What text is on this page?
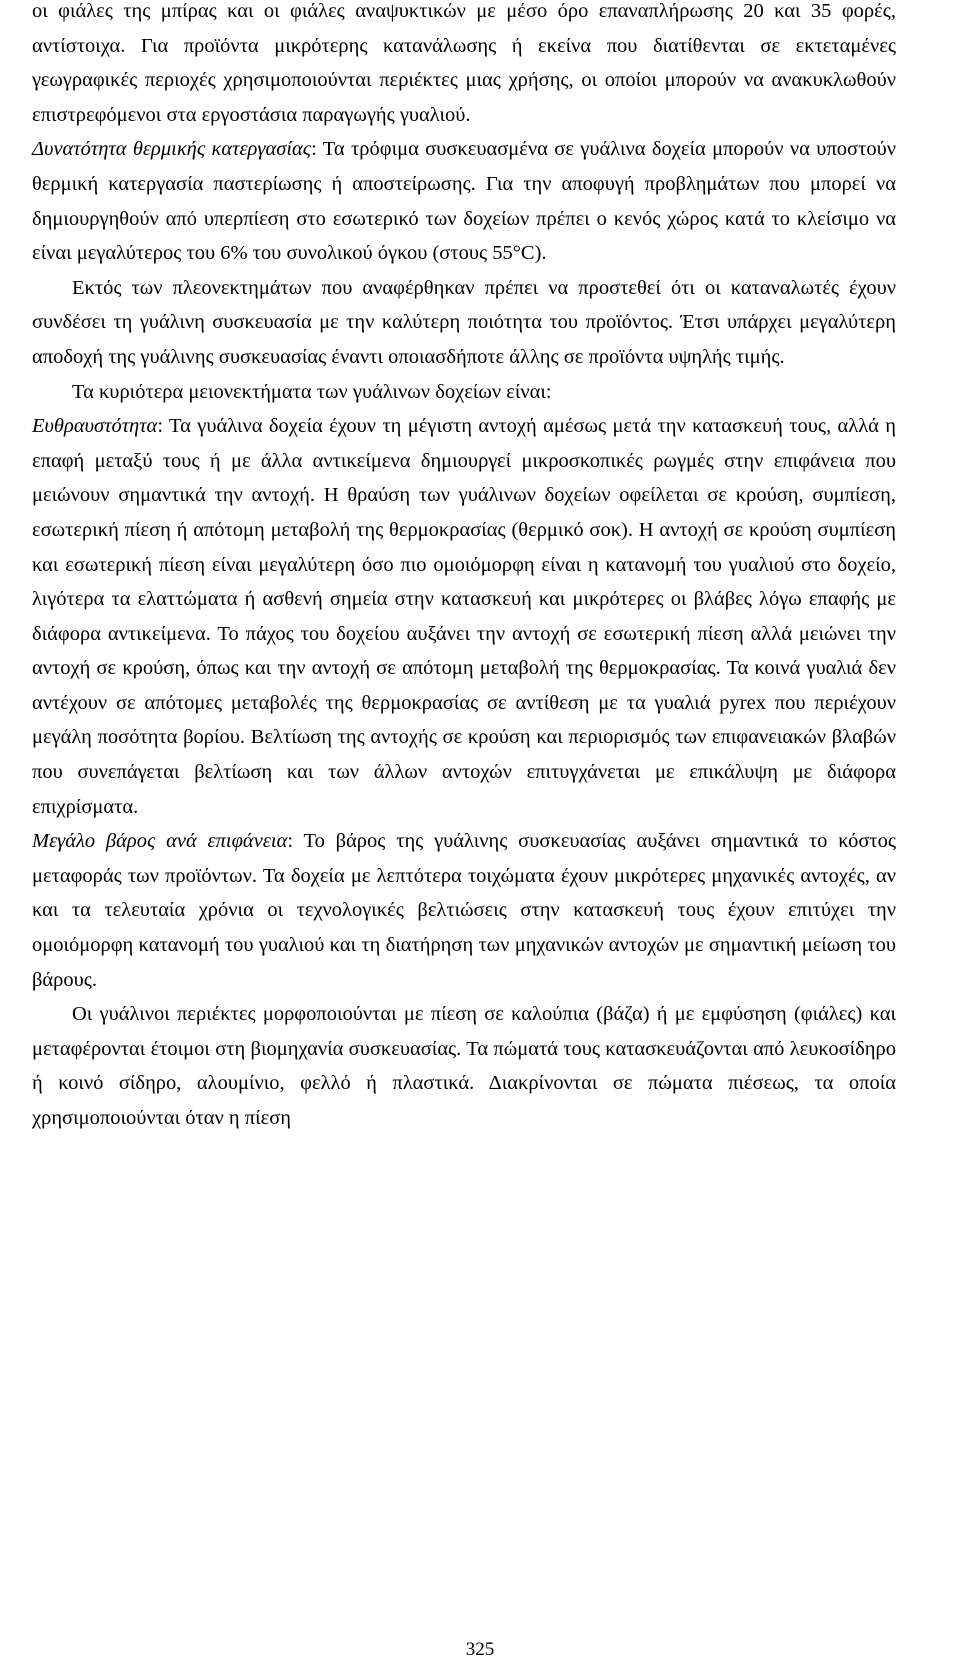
οι φιάλες της μπίρας και οι φιάλες αναψυκτικών με μέσο όρο επαναπλήρωσης 20 και 35 φορές, αντίστοιχα. Για προϊόντα μικρότερης κατανάλωσης ή εκείνα που διατίθενται σε εκτεταμένες γεωγραφικές περιοχές χρησιμοποιούνται περιέκτες μιας χρήσης, οι οποίοι μπορούν να ανακυκλωθούν επιστρεφόμενοι στα εργοστάσια παραγωγής γυαλιού.

Δυνατότητα θερμικής κατεργασίας: Τα τρόφιμα συσκευασμένα σε γυάλινα δοχεία μπορούν να υποστούν θερμική κατεργασία παστερίωσης ή αποστείρωσης. Για την αποφυγή προβλημάτων που μπορεί να δημιουργηθούν από υπερπίεση στο εσωτερικό των δοχείων πρέπει ο κενός χώρος κατά το κλείσιμο να είναι μεγαλύτερος του 6% του συνολικού όγκου (στους 55°C).

Εκτός των πλεονεκτημάτων που αναφέρθηκαν πρέπει να προστεθεί ότι οι καταναλωτές έχουν συνδέσει τη γυάλινη συσκευασία με την καλύτερη ποιότητα του προϊόντος. Έτσι υπάρχει μεγαλύτερη αποδοχή της γυάλινης συσκευασίας έναντι οποιασδήποτε άλλης σε προϊόντα υψηλής τιμής.

Τα κυριότερα μειονεκτήματα των γυάλινων δοχείων είναι:

Ευθραυστότητα: Τα γυάλινα δοχεία έχουν τη μέγιστη αντοχή αμέσως μετά την κατασκευή τους, αλλά η επαφή μεταξύ τους ή με άλλα αντικείμενα δημιουργεί μικροσκοπικές ρωγμές στην επιφάνεια που μειώνουν σημαντικά την αντοχή. Η θραύση των γυάλινων δοχείων οφείλεται σε κρούση, συμπίεση, εσωτερική πίεση ή απότομη μεταβολή της θερμοκρασίας (θερμικό σοκ). Η αντοχή σε κρούση συμπίεση και εσωτερική πίεση είναι μεγαλύτερη όσο πιο ομοιόμορφη είναι η κατανομή του γυαλιού στο δοχείο, λιγότερα τα ελαττώματα ή ασθενή σημεία στην κατασκευή και μικρότερες οι βλάβες λόγω επαφής με διάφορα αντικείμενα. Το πάχος του δοχείου αυξάνει την αντοχή σε εσωτερική πίεση αλλά μειώνει την αντοχή σε κρούση, όπως και την αντοχή σε απότομη μεταβολή της θερμοκρασίας. Τα κοινά γυαλιά δεν αντέχουν σε απότομες μεταβολές της θερμοκρασίας σε αντίθεση με τα γυαλιά pyrex που περιέχουν μεγάλη ποσότητα βορίου. Βελτίωση της αντοχής σε κρούση και περιορισμός των επιφανειακών βλαβών που συνεπάγεται βελτίωση και των άλλων αντοχών επιτυγχάνεται με επικάλυψη με διάφορα επιχρίσματα.

Μεγάλο βάρος ανά επιφάνεια: Το βάρος της γυάλινης συσκευασίας αυξάνει σημαντικά το κόστος μεταφοράς των προϊόντων. Τα δοχεία με λεπτότερα τοιχώματα έχουν μικρότερες μηχανικές αντοχές, αν και τα τελευταία χρόνια οι τεχνολογικές βελτιώσεις στην κατασκευή τους έχουν επιτύχει την ομοιόμορφη κατανομή του γυαλιού και τη διατήρηση των μηχανικών αντοχών με σημαντική μείωση του βάρους.

Οι γυάλινοι περιέκτες μορφοποιούνται με πίεση σε καλούπια (βάζα) ή με εμφύσηση (φιάλες) και μεταφέρονται έτοιμοι στη βιομηχανία συσκευασίας. Τα πώματά τους κατασκευάζονται από λευκοσίδηρο ή κοινό σίδηρο, αλουμίνιο, φελλό ή πλαστικά. Διακρίνονται σε πώματα πιέσεως, τα οποία χρησιμοποιούνται όταν η πίεση

325
